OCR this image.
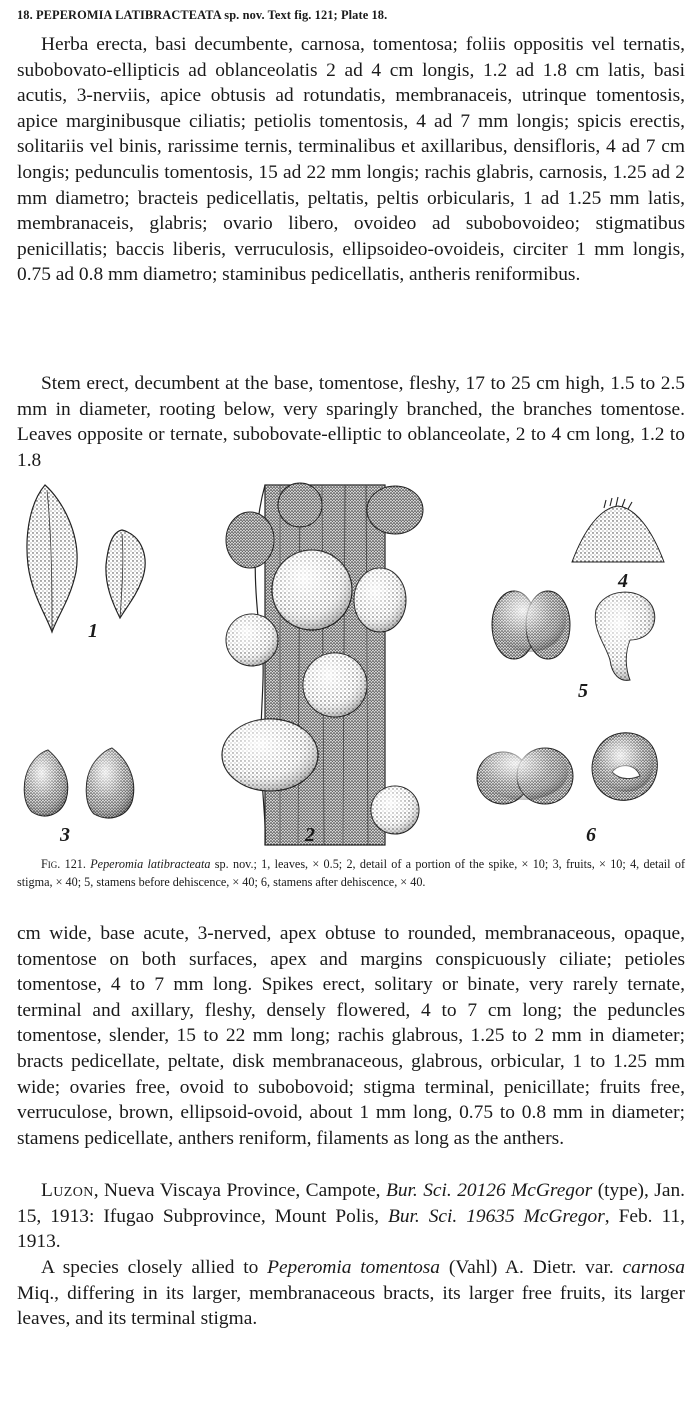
18. PEPEROMIA LATIBRACTEATA sp. nov. Text fig. 121; Plate 18.

Herba erecta, basi decumbente, carnosa, tomentosa; foliis oppositis vel ternatis, subobovato-ellipticis ad oblanceolatis 2 ad 4 cm longis, 1.2 ad 1.8 cm latis, basi acutis, 3-nerviis, apice obtusis ad rotundatis, membranaceis, utrinque tomentosis, apice marginibusque ciliatis; petiolis tomentosis, 4 ad 7 mm longis; spicis erectis, solitariis vel binis, rarissime ternis, terminalibus et axillaribus, densifloris, 4 ad 7 cm longis; pedunculis tomentosis, 15 ad 22 mm longis; rachis glabris, carnosis, 1.25 ad 2 mm diametro; bracteis pedicellatis, peltatis, peltis orbicularis, 1 ad 1.25 mm latis, membranaceis, glabris; ovario libero, ovoideo ad subobovoideo; stigmatibus penicillatis; baccis liberis, verruculosis, ellipsoideo-ovoideis, circiter 1 mm longis, 0.75 ad 0.8 mm diametro; staminibus pedicellatis, antheris reniformibus.

Stem erect, decumbent at the base, tomentose, fleshy, 17 to 25 cm high, 1.5 to 2.5 mm in diameter, rooting below, very sparingly branched, the branches tomentose. Leaves opposite or ternate, subobovate-elliptic to oblanceolate, 2 to 4 cm long, 1.2 to 1.8

1
2
3
4
5
6

Fig. 121. Peperomia latibracteata sp. nov.; 1, leaves, × 0.5; 2, detail of a portion of the spike, × 10; 3, fruits, × 10; 4, detail of stigma, × 40; 5, stamens before dehiscence, × 40; 6, stamens after dehiscence, × 40.

cm wide, base acute, 3-nerved, apex obtuse to rounded, membranaceous, opaque, tomentose on both surfaces, apex and margins conspicuously ciliate; petioles tomentose, 4 to 7 mm long. Spikes erect, solitary or binate, very rarely ternate, terminal and axillary, fleshy, densely flowered, 4 to 7 cm long; the peduncles tomentose, slender, 15 to 22 mm long; rachis glabrous, 1.25 to 2 mm in diameter; bracts pedicellate, peltate, disk membranaceous, glabrous, orbicular, 1 to 1.25 mm wide; ovaries free, ovoid to subobovoid; stigma terminal, penicillate; fruits free, verruculose, brown, ellipsoid-ovoid, about 1 mm long, 0.75 to 0.8 mm in diameter; stamens pedicellate, anthers reniform, filaments as long as the anthers.

Luzon, Nueva Viscaya Province, Campote, Bur. Sci. 20126 McGregor (type), Jan. 15, 1913: Ifugao Subprovince, Mount Polis, Bur. Sci. 19635 McGregor, Feb. 11, 1913.

A species closely allied to Peperomia tomentosa (Vahl) A. Dietr. var. carnosa Miq., differing in its larger, membranaceous bracts, its larger free fruits, its larger leaves, and its terminal stigma.
